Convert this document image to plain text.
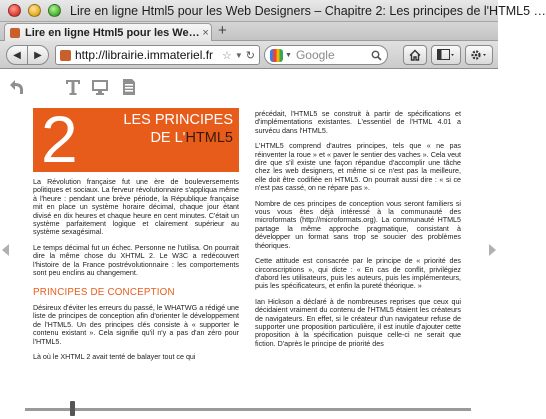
Lire en ligne Html5 pour les Web Designers – Chapitre 2: Les principes de l'HTML5 …
Lire en ligne Html5 pour les We… × +
◀ ▶	http://librairie.immateriel.fr ☆ ▼ ↻	▼ Google
2	LES PRINCIPES
DE L'HTML5

La Révolution française fut une ère de bouleversements politiques et sociaux. La ferveur révolutionnaire s'appliqua même à l'heure : pendant une brève période, la République française mit en place un système horaire décimal, chaque jour étant divisé en dix heures et chaque heure en cent minutes. C'était un système parfaitement logique et clairement supérieur au système sexagésimal.

Le temps décimal fut un échec. Personne ne l'utilisa. On pourrait dire la même chose du XHTML 2. Le W3C a redécouvert l'histoire de la France postrévolutionnaire : les comportements sont peu enclins au changement.

PRINCIPES DE CONCEPTION

Désireux d'éviter les erreurs du passé, le WHATWG a rédigé une liste de principes de conception afin d'orienter le développement de l'HTML5. Un des principes clés consiste à « supporter le contenu existant ». Cela signifie qu'il n'y a pas d'an zéro pour l'HTML5.

Là où le XHTML 2 avait tenté de balayer tout ce qui

précédait, l'HTML5 se construit à partir de spécifications et d'implémentations existantes. L'essentiel de l'HTML 4.01 a survécu dans l'HTML5.

L'HTML5 comprend d'autres principes, tels que « ne pas réinventer la roue » et « paver le sentier des vaches ». Cela veut dire que s'il existe une façon répandue d'accomplir une tâche chez les web designers, et même si ce n'est pas la meilleure, elle doit être codifiée en HTML5. On pourrait aussi dire : « si ce n'est pas cassé, on ne répare pas ».

Nombre de ces principes de conception vous seront familiers si vous vous êtes déjà intéressé à la communauté des microformats (http://microformats.org). La communauté HTML5 partage la même approche pragmatique, consistant à développer un format sans trop se soucier des problèmes théoriques.

Cette attitude est consacrée par le principe de « priorité des circonscriptions », qui dicte : « En cas de conflit, privilégiez d'abord les utilisateurs, puis les auteurs, puis les implémenteurs, puis les spécificateurs, et enfin la pureté théorique. »

Ian Hickson a déclaré à de nombreuses reprises que ceux qui décidaient vraiment du contenu de l'HTML5 étaient les créateurs de navigateurs. En effet, si le créateur d'un navigateur refuse de supporter une proposition particulière, il est inutile d'ajouter cette proposition à la spécification puisque celle-ci ne serait que fiction. D'après le principe de priorité des
